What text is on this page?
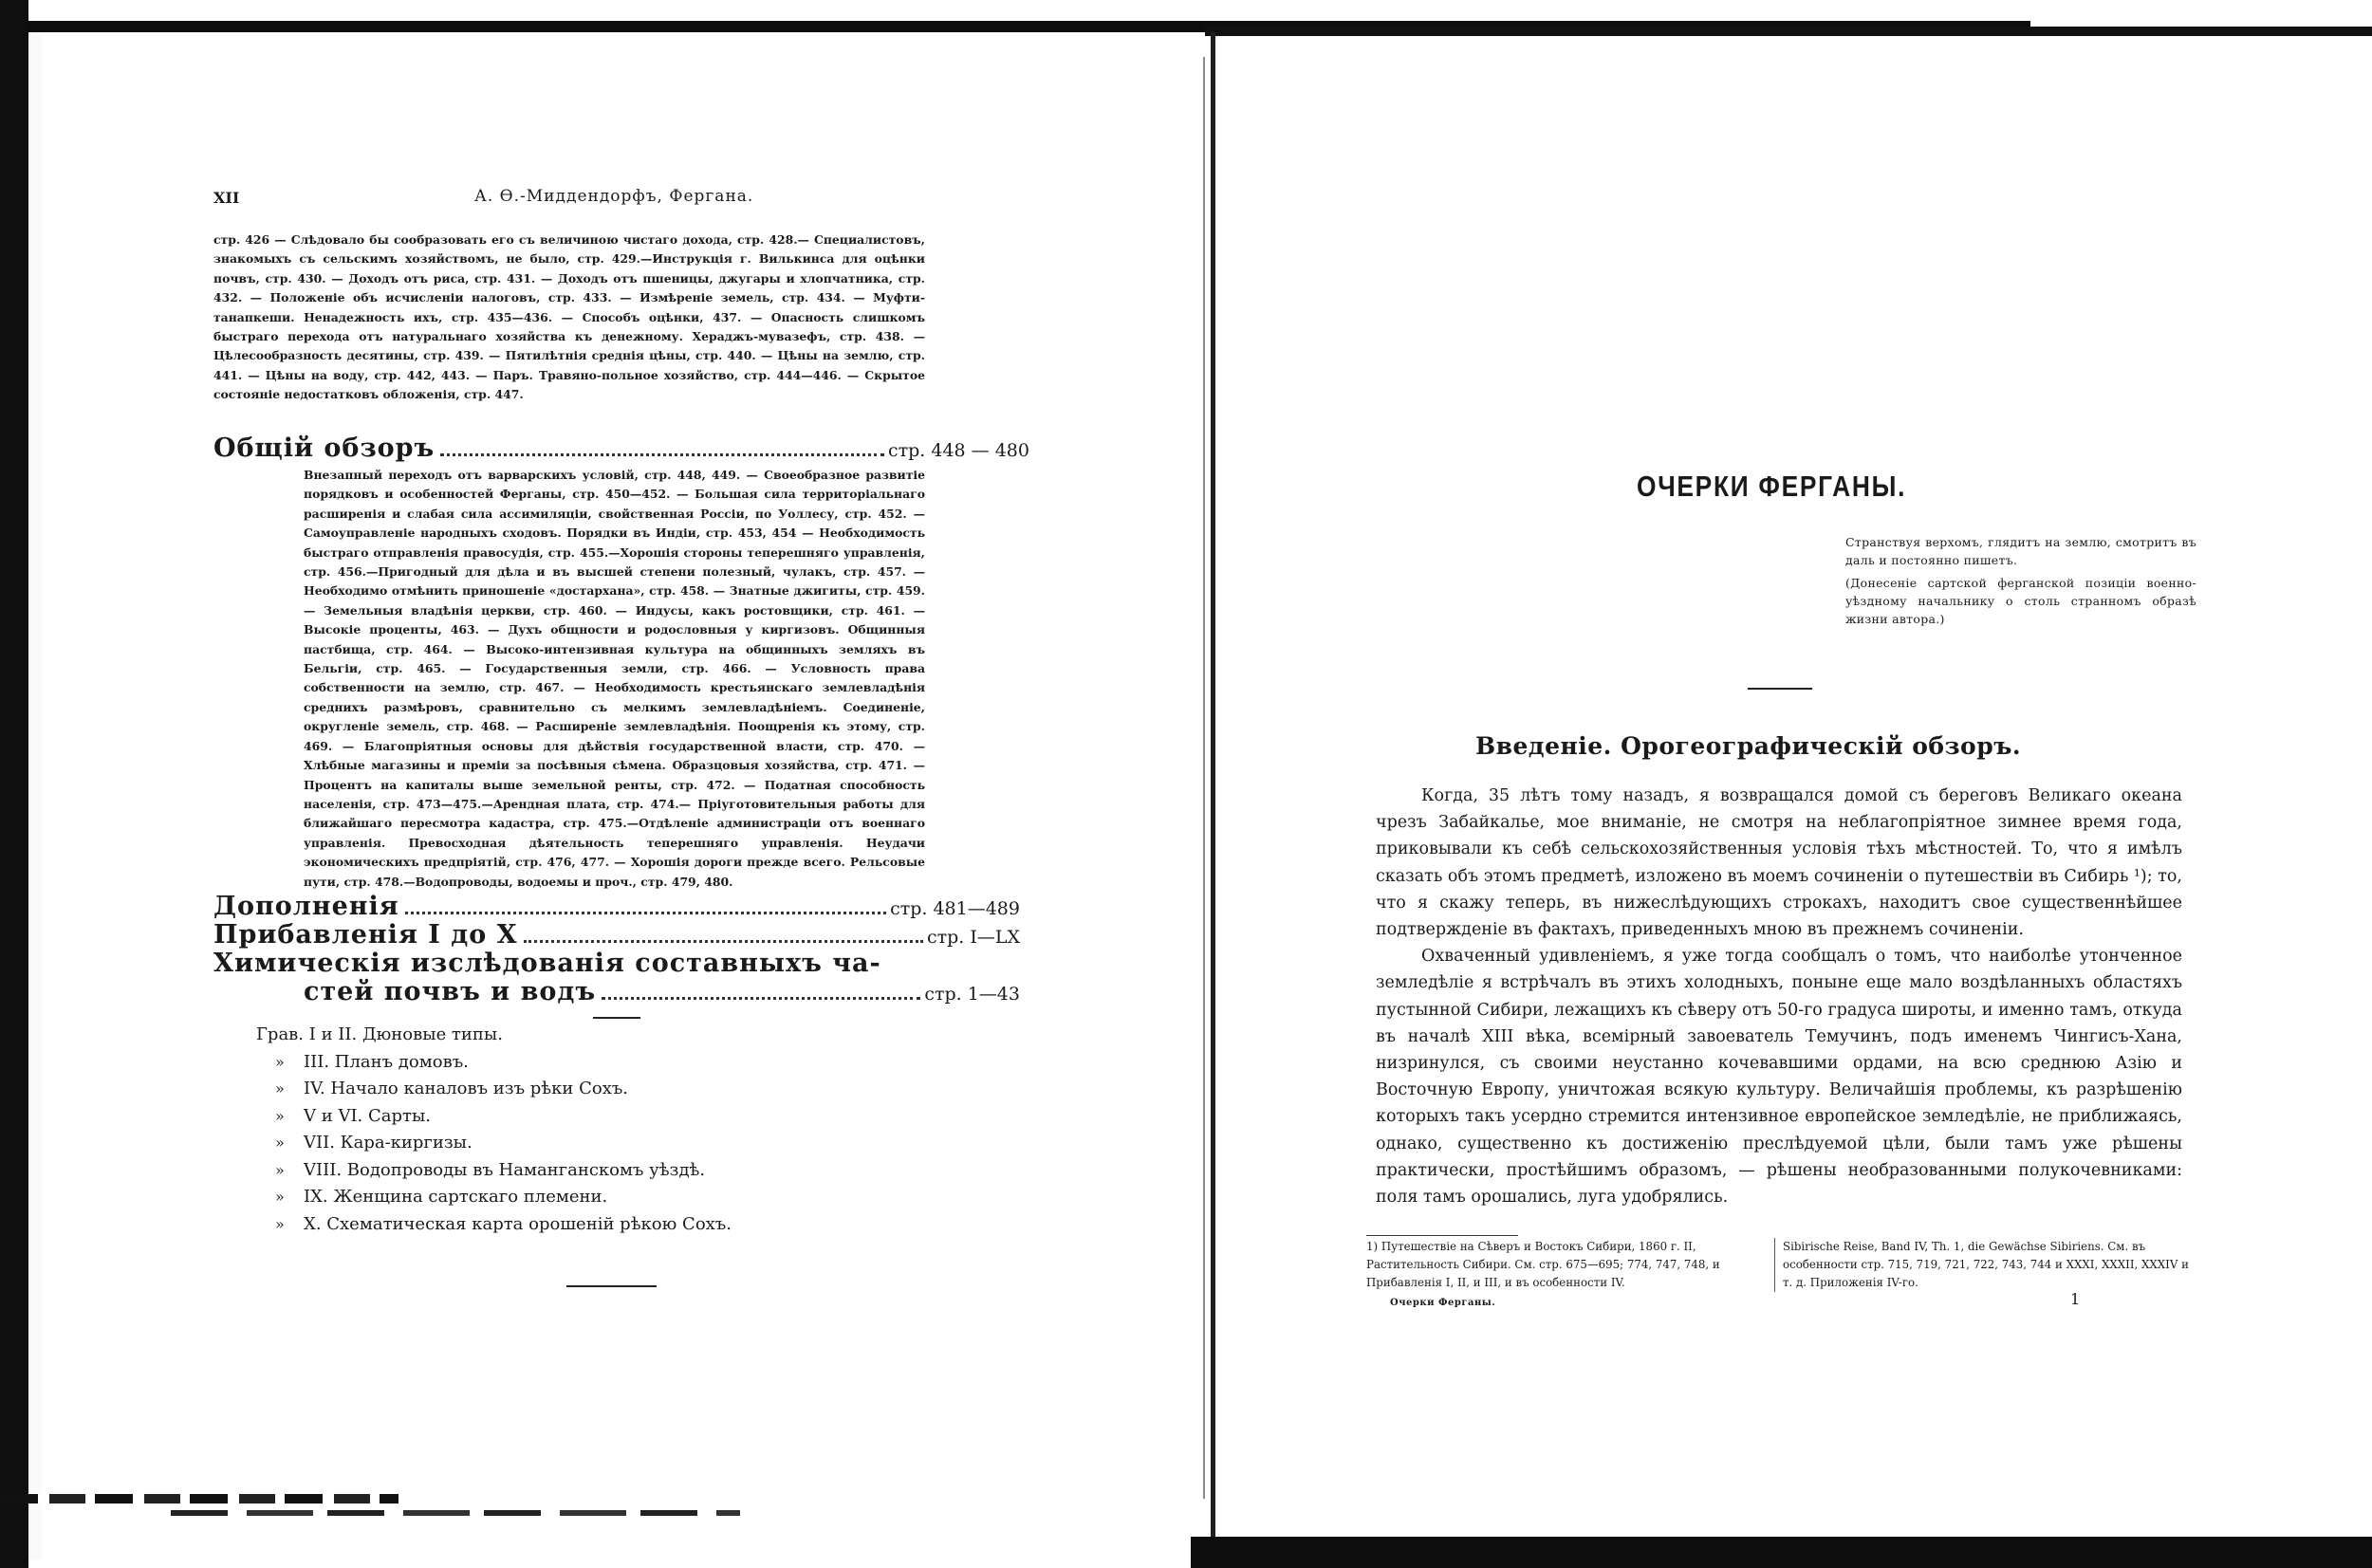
XII	А. Ѳ.-Миддендорфъ, Фергана.
стр. 426 — Слѣдовало бы сообразовать его съ величиною чистаго дохода, стр. 428.— Специалистовъ, знакомыхъ съ сельскимъ хозяйствомъ, не было, стр. 429.—Инструкція г. Вилькинса для оцѣнки почвъ, стр. 430. — Доходъ отъ риса, стр. 431. — Доходъ отъ пшеницы, джугары и хлопчатника, стр. 432. — Положеніе объ исчисленіи налоговъ, стр. 433. — Измѣреніе земель, стр. 434. — Муфти-танапкеши. Ненадежность ихъ, стр. 435—436. — Способъ оцѣнки, 437. — Опасность слишкомъ быстраго перехода отъ натуральнаго хозяйства къ денежному. Хераджъ-мувазефъ, стр. 438. — Цѣлесообразность десятины, стр. 439. — Пятилѣтнія среднія цѣны, стр. 440. — Цѣны на землю, стр. 441. — Цѣны на воду, стр. 442, 443. — Паръ. Травяно-польное хозяйство, стр. 444—446. — Скрытое состояніе недостатковъ обложенія, стр. 447.
Общій обзоръ	стр. 448 — 480
Внезапный переходъ отъ варварскихъ условій, стр. 448, 449. — Своеобразное развитіе порядковъ и особенностей Ферганы, стр. 450—452. — Большая сила территоріальнаго расширенія и слабая сила ассимиляціи, свойственная Россіи, по Уоллесу, стр. 452. — Самоуправленіе народныхъ сходовъ. Порядки въ Индіи, стр. 453, 454 — Необходимость быстраго отправленія правосудія, стр. 455.—Хорошія стороны теперешняго управленія, стр. 456.—Пригодный для дѣла и въ высшей степени полезный, чулакъ, стр. 457. — Необходимо отмѣнить приношеніе «достархана», стр. 458. — Знатные джигиты, стр. 459. — Земельныя владѣнія церкви, стр. 460. — Индусы, какъ ростовщики, стр. 461. — Высокіе проценты, 463. — Духъ общности и родословныя у киргизовъ. Общинныя пастбища, стр. 464. — Высоко-интензивная культура на общинныхъ земляхъ въ Бельгіи, стр. 465. — Государственныя земли, стр. 466. — Условность права собственности на землю, стр. 467. — Необходимость крестьянскаго землевладѣнія среднихъ размѣровъ, сравнительно съ мелкимъ землевладѣніемъ. Соединеніе, округленіе земель, стр. 468. — Расширеніе землевладѣнія. Поощренія къ этому, стр. 469. — Благопріятныя основы для дѣйствія государственной власти, стр. 470. — Хлѣбные магазины и преміи за посѣвныя сѣмена. Образцовыя хозяйства, стр. 471. — Процентъ на капиталы выше земельной ренты, стр. 472. — Податная способность населенія, стр. 473—475.—Арендная плата, стр. 474.— Пріуготовительныя работы для ближайшаго пересмотра кадастра, стр. 475.—Отдѣленіе администраціи отъ военнаго управленія. Превосходная дѣятельность теперешняго управленія. Неудачи экономическихъ предпріятій, стр. 476, 477. — Хорошія дороги прежде всего. Рельсовые пути, стр. 478.—Водопроводы, водоемы и проч., стр. 479, 480.
Дополненія	стр. 481—489
Прибавленія I до X	стр. I—LX
Химическія изслѣдованія составныхъ ча-
стей почвъ и водъ	стр. 1—43
Грав. I и II. Дюновые типы.
» III. Планъ домовъ.
» IV. Начало каналовъ изъ рѣки Сохъ.
» V и VI. Сарты.
» VII. Кара-киргизы.
» VIII. Водопроводы въ Наманганскомъ уѣздѣ.
» IX. Женщина сартскаго племени.
» X. Схематическая карта орошеній рѣкою Сохъ.
ОЧЕРКИ ФЕРГАНЫ.
Странствуя верхомъ, глядитъ на землю, смотритъ въ даль и постоянно пишетъ.
(Донесеніе сартской ферганской позиціи военно-уѣздному начальнику о столь странномъ образѣ жизни автора.)
Введеніе. Орогеографическій обзоръ.

Когда, 35 лѣтъ тому назадъ, я возвращался домой съ береговъ Великаго океана чрезъ Забайкалье, мое вниманіе, не смотря на неблагопріятное зимнее время года, приковывали къ себѣ сельскохозяйственныя условія тѣхъ мѣстностей. То, что я имѣлъ сказать объ этомъ предметѣ, изложено въ моемъ сочиненіи о путешествіи въ Сибирь ¹); то, что я скажу теперь, въ нижеслѣдующихъ строкахъ, находитъ свое существеннѣйшее подтвержденіе въ фактахъ, приведенныхъ мною въ прежнемъ сочиненіи.

Охваченный удивленіемъ, я уже тогда сообщалъ о томъ, что наиболѣе утонченное земледѣліе я встрѣчалъ въ этихъ холодныхъ, поныне еще мало воздѣланныхъ областяхъ пустынной Сибири, лежащихъ къ сѣверу отъ 50-го градуса широты, и именно тамъ, откуда въ началѣ XIII вѣка, всемірный завоеватель Темучинъ, подъ именемъ Чингисъ-Хана, низринулся, съ своими неустанно кочевавшими ордами, на всю среднюю Азію и Восточную Европу, уничтожая всякую культуру. Величайшія проблемы, къ разрѣшенію которыхъ такъ усердно стремится интензивное европейское земледѣліе, не приближаясь, однако, существенно къ достиженію преслѣдуемой цѣли, были тамъ уже рѣшены практически, простѣйшимъ образомъ, — рѣшены необразованными полукочевниками: поля тамъ орошались, луга удобрялись.

1) Путешествіе на Сѣверъ и Востокъ Сибири, 1860 г. II, Растительность Сибири. См. стр. 675—695; 774, 747, 748, и Прибавленія I, II, и III, и въ особенности IV.
Sibirische Reise, Band IV, Th. 1, die Gewächse Sibiriens. См. въ особенности стр. 715, 719, 721, 722, 743, 744 и XXXI, XXXII, XXXIV и т. д. Приложенія IV-го.
Очерки Ферганы.	1
